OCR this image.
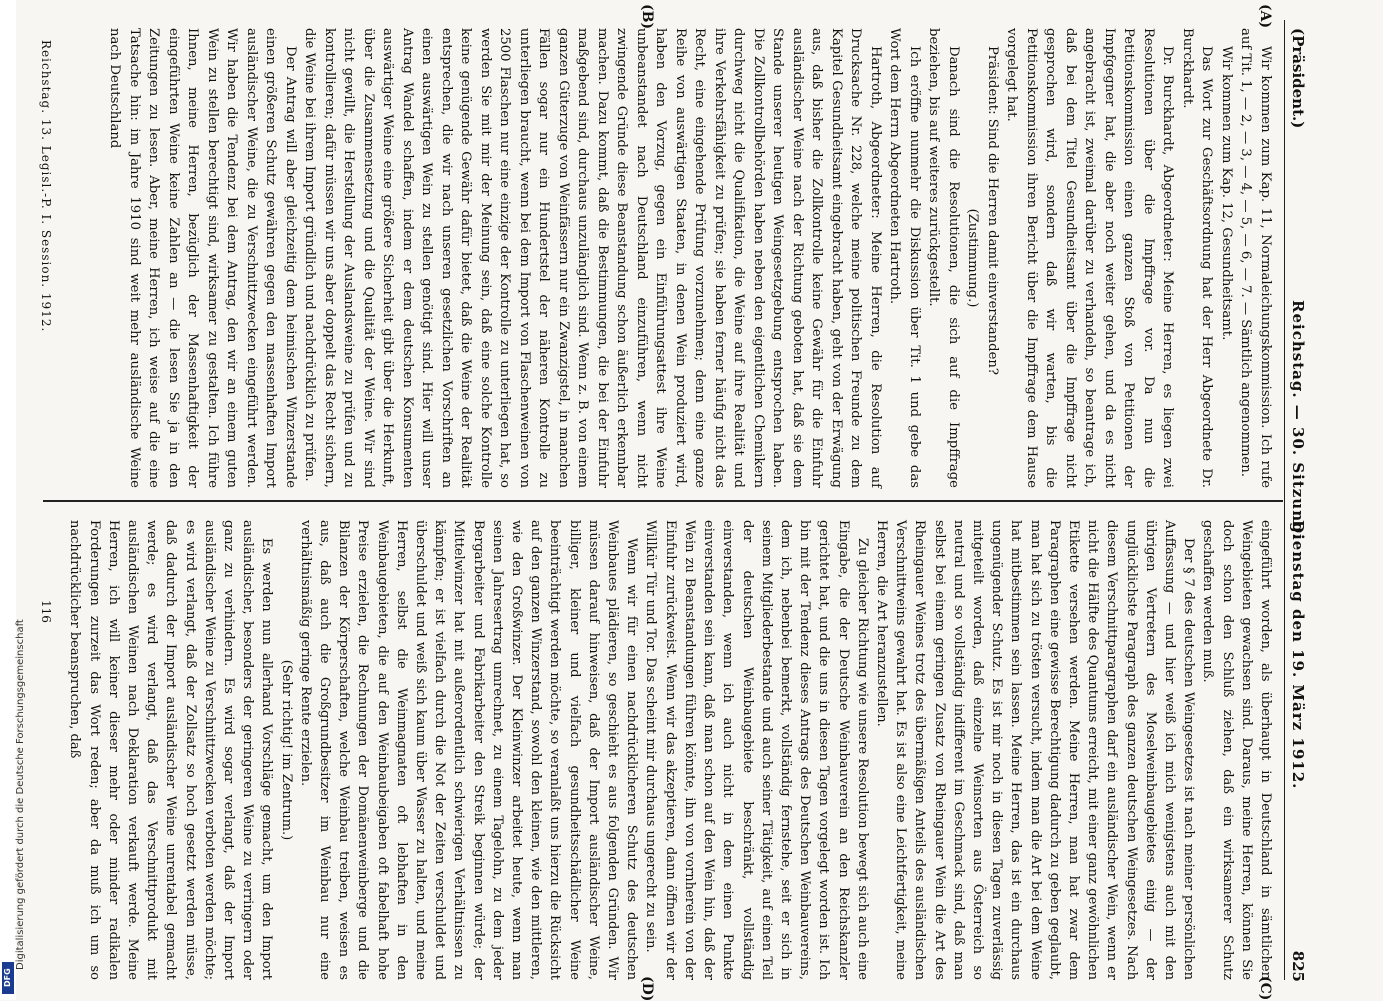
Digitalisierung gefördert durch die Deutsche Forschungsgemeinschaft
DFG
(Präsident.)
Reichstag. — 30. Sitzung.
Dienstag den 19. März 1912.
825
(A)
(B)
(C)
(D)

Wir kommen zum Kap. 11, Normaleichungskommission. Ich rufe auf Tit. 1, — 2, — 3, — 4, — 5, — 6, — 7. — Sämtlich angenommen.

Wir kommen zum Kap. 12, Gesundheitsamt.

Das Wort zur Geschäftsordnung hat der Herr Abgeordnete Dr. Burckhardt.

Dr. Burckhardt, Abgeordneter: Meine Herren, es liegen zwei Resolutionen über die Impffrage vor. Da nun die Petitionskommission einen ganzen Stoß von Petitionen der Impfgegner hat, die aber noch weiter gehen, und da es nicht angebracht ist, zweimal darüber zu verhandeln, so beantrage ich, daß bei dem Titel Gesundheitsamt über die Impffrage nicht gesprochen wird, sondern daß wir warten, bis die Petitionskommission ihren Bericht über die Impffrage dem Hause vorgelegt hat.

Präsident: Sind die Herren damit einverstanden?

(Zustimmung.)

Danach sind die Resolutionen, die sich auf die Impffrage beziehen, bis auf weiteres zurückgestellt.

Ich eröffne nunmehr die Diskussion über Tit. 1 und gebe das Wort dem Herrn Abgeordneten Hartroth.

Hartroth, Abgeordneter: Meine Herren, die Resolution auf Drucksache Nr. 228, welche meine politischen Freunde zu dem Kapitel Gesundheitsamt eingebracht haben, geht von der Erwägung aus, daß bisher die Zollkontrolle keine Gewähr für die Einfuhr ausländischer Weine nach der Richtung geboten hat, daß sie dem Stande unserer heutigen Weingesetzgebung entsprochen haben. Die Zollkontrollbehörden haben neben den eigentlichen Chemikern durchweg nicht die Qualifikation, die Weine auf ihre Realität und ihre Verkehrsfähigkeit zu prüfen; sie haben ferner häufig nicht das Recht, eine eingehende Prüfung vorzunehmen; denn eine ganze Reihe von auswärtigen Staaten, in denen Wein produziert wird, haben den Vorzug, gegen ein Einführungsattest ihre Weine unbeanstandet nach Deutschland einzuführen, wenn nicht zwingende Gründe diese Beanstandung schon äußerlich erkennbar machen. Dazu kommt, daß die Bestimmungen, die bei der Einfuhr maßgebend sind, durchaus unzulänglich sind. Wenn z. B. von einem ganzen Güterzuge von Weinfässern nur ein Zwanzigstel, in manchen Fällen sogar nur ein Hundertstel der näheren Kontrolle zu unterliegen braucht, wenn bei dem Import von Flaschenweinen von 2500 Flaschen nur eine einzige der Kontrolle zu unterliegen hat, so werden Sie mit mir der Meinung sein, daß eine solche Kontrolle keine genügende Gewähr dafür bietet, daß die Weine der Realität entsprechen, die wir nach unseren gesetzlichen Vorschriften an einen auswärtigen Wein zu stellen genötigt sind. Hier will unser Antrag Wandel schaffen, indem er dem deutschen Konsumenten auswärtiger Weine eine größere Sicherheit gibt über die Herkunft, über die Zusammensetzung und die Qualität der Weine. Wir sind nicht gewillt, die Herstellung der Auslandsweine zu prüfen und zu kontrollieren; dafür müssen wir uns aber doppelt das Recht sichern, die Weine bei ihrem Import gründlich und nachdrücklich zu prüfen.

Der Antrag will aber gleichzeitig dem heimischen Winzerstande einen größeren Schutz gewähren gegen den massenhaften Import ausländischer Weine, die zu Verschnittzwecken eingeführt werden. Wir haben die Tendenz bei dem Antrag, den wir an einem guten Wein zu stellen berechtigt sind, wirksamer zu gestalten. Ich führe Ihnen, meine Herren, bezüglich der Massenhaftigkeit der eingeführten Weine keine Zahlen an — die lesen Sie ja in den Zeitungen zu lesen. Aber, meine Herren, ich weise auf die eine Tatsache hin: im Jahre 1910 sind weit mehr ausländische Weine nach Deutschland

eingeführt worden, als überhaupt in Deutschland in sämtlichen Weingebieten gewachsen sind. Daraus, meine Herren, können Sie doch schon den Schluß ziehen, daß ein wirksamerer Schutz geschaffen werden muß.

Der § 7 des deutschen Weingesetzes ist nach meiner persönlichen Auffassung — und hier weiß ich mich wenigstens auch mit den übrigen Vertretern des Moselweinbaugebietes einig — der unglücklichste Paragraph des ganzen deutschen Weingesetzes. Nach diesem Verschnittparagraphen darf ein ausländischer Wein, wenn er nicht die Hälfte des Quantums erreicht, mit einer ganz gewöhnlichen Etikette versehen werden. Meine Herren, man hat zwar dem Paragraphen eine gewisse Berechtigung dadurch zu geben geglaubt, man hat sich zu trösten versucht, indem man die Art bei dem Weine hat mitbestimmen sein lassen. Meine Herren, das ist ein durchaus ungenügender Schutz. Es ist mir noch in diesen Tagen zuverlässig mitgeteilt worden, daß einzelne Weinsorten aus Österreich so neutral und so vollständig indifferent im Geschmack sind, daß man selbst bei einem geringen Zusatz von Rheingauer Wein die Art des Rheingauer Weines trotz des übermäßigen Anteils des ausländischen Verschnittweins gewahrt hat. Es ist also eine Leichtfertigkeit, meine Herren, die Art heranzustellen.

Zu gleicher Richtung wie unsere Resolution bewegt sich auch eine Eingabe, die der Deutsche Weinbauverein an den Reichskanzler gerichtet hat, und die uns in diesen Tagen vorgelegt worden ist. Ich bin mit der Tendenz dieses Antrags des Deutschen Weinbauvereins, dem ich, nebenbei bemerkt, vollständig fernstehe, seit er sich in seinem Mitgliederbestande und auch seiner Tätigkeit, auf einen Teil der deutschen Weinbaugebiete beschränkt, vollständig einverstanden, wenn ich auch nicht in dem einen Punkte einverstanden sein kann, daß man schon auf den Wein hin, daß der Wein zu Beanstandungen führen könnte, ihn von vornherein von der Einfuhr zurückweist. Wenn wir das akzeptieren, dann öffnen wir der Willkür Tür und Tor. Das scheint mir durchaus ungerecht zu sein.

Wenn wir für einen nachdrücklicheren Schutz des deutschen Weinbaues plädieren, so geschieht es aus folgenden Gründen. Wir müssen darauf hinweisen, daß der Import ausländischer Weine, billiger, kleiner und vielfach gesundheitsschädlicher Weine beeinträchtigt werden möchte, so veranlaßt uns hierzu die Rücksicht auf den ganzen Winzerstand, sowohl den kleinen, wie den mittleren, wie den Großwinzer. Der Kleinwinzer arbeitet heute, wenn man seinen Jahresertrag umrechnet, zu einem Tagelohn, zu dem jeder Bergarbeiter und Fabrikarbeiter den Streik beginnen würde; der Mittelwinzer hat mit außerordentlich schwierigen Verhältnissen zu kämpfen; er ist vielfach durch die Not der Zeiten verschuldet und überschuldet und weiß sich kaum über Wasser zu halten, und meine Herren, selbst die Weinmagnaten oft lebhaften in den Weinbaugebieten, die auf den Weinbaubeigaben oft fabelhaft hohe Preise erzielen, die Rechnungen der Domänenweinberge und die Bilanzen der Körperschaften, welche Weinbau treiben, weisen es aus, daß auch die Großgrundbesitzer im Weinbau nur eine verhältnismäßig geringe Rente erzielen.

(Sehr richtig! im Zentrum.)

Es werden nun allerhand Vorschläge gemacht, um den Import ausländischer, besonders der geringeren Weine zu verringern oder ganz zu verhindern. Es wird sogar verlangt, daß der Import ausländischer Weine zu Verschnittzwecken verboten werden möchte; es wird verlangt, daß der Zollsatz so hoch gesetzt werden müsse, daß dadurch der Import ausländischer Weine unrentabel gemacht werde; es wird verlangt, daß das Verschnittprodukt mit ausländischen Weinen nach Deklaration verkauft werde. Meine Herren, ich will keiner dieser mehr oder minder radikalen Forderungen zurzeit das Wort reden; aber da muß ich um so nachdrücklicher beanspruchen, daß

Reichstag. 13. Legisl.-P. I. Session. 1912.
116
